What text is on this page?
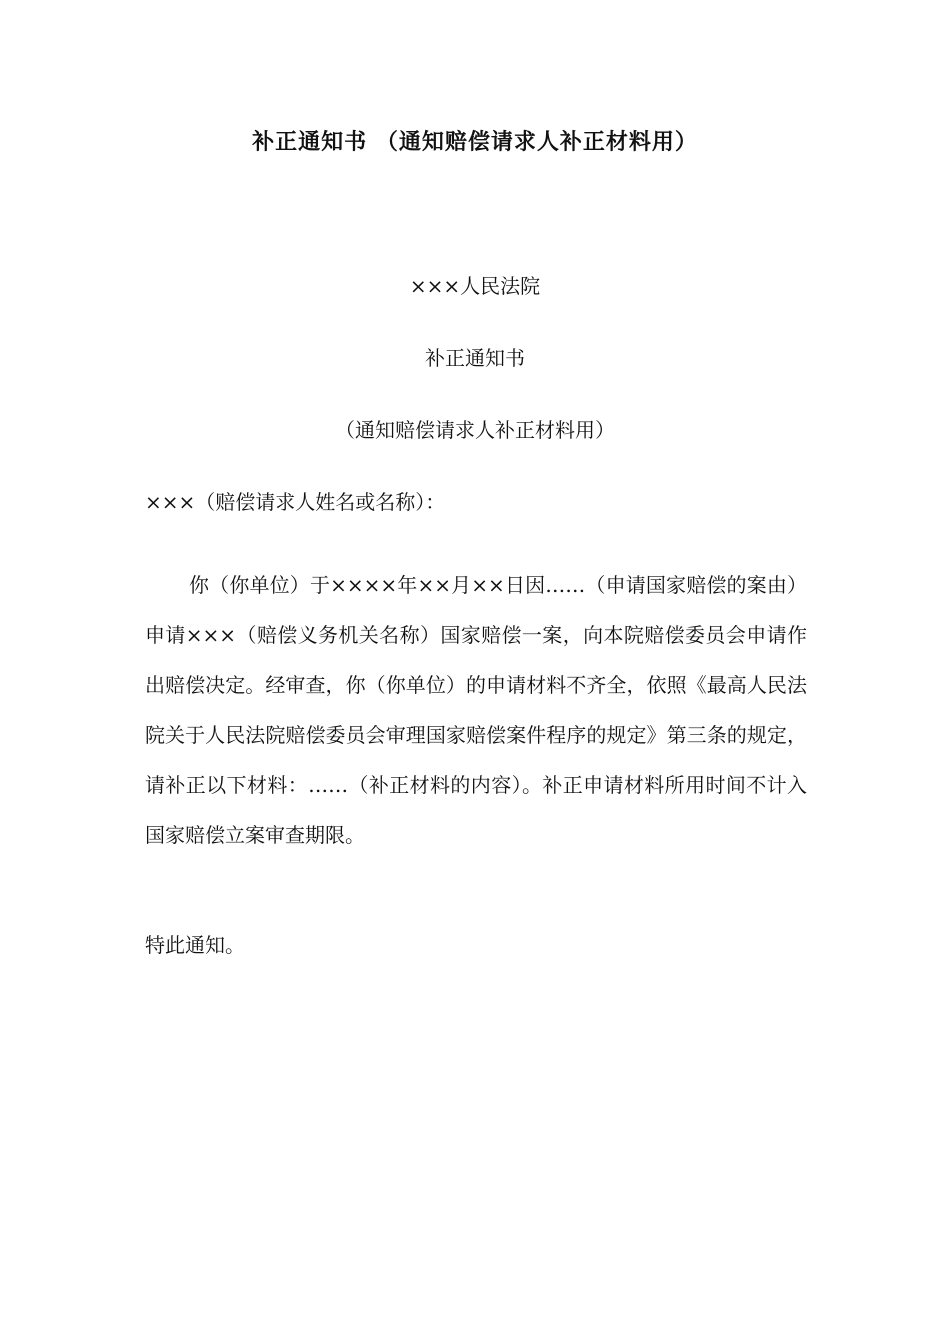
补正通知书 （通知赔偿请求人补正材料用）

×××人民法院

补正通知书

（通知赔偿请求人补正材料用）

×××（赔偿请求人姓名或名称）：

你（你单位）于××××年××月××日因……（申请国家赔偿的案由）申请×××（赔偿义务机关名称）国家赔偿一案，向本院赔偿委员会申请作出赔偿决定。经审查，你（你单位）的申请材料不齐全，依照《最高人民法院关于人民法院赔偿委员会审理国家赔偿案件程序的规定》第三条的规定，请补正以下材料：……（补正材料的内容）。补正申请材料所用时间不计入国家赔偿立案审查期限。

特此通知。
